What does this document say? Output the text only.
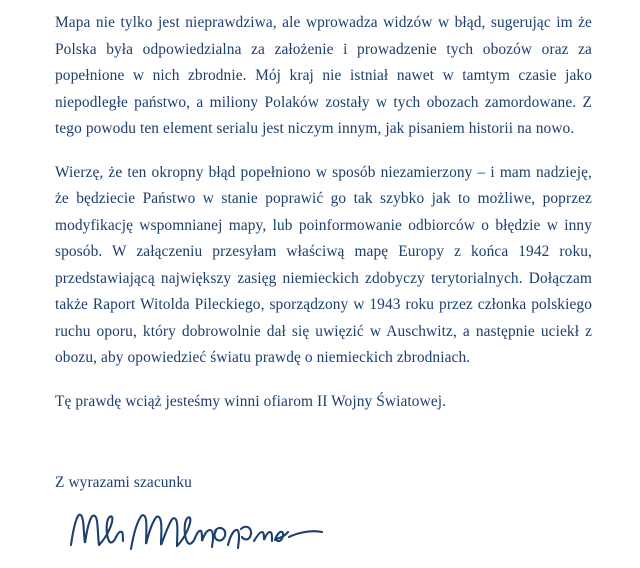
Mapa nie tylko jest nieprawdziwa, ale wprowadza widzów w błąd, sugerując im że Polska była odpowiedzialna za założenie i prowadzenie tych obozów oraz za popełnione w nich zbrodnie. Mój kraj nie istniał nawet w tamtym czasie jako niepodległe państwo, a miliony Polaków zostały w tych obozach zamordowane. Z tego powodu ten element serialu jest niczym innym, jak pisaniem historii na nowo.

Wierzę, że ten okropny błąd popełniono w sposób niezamierzony – i mam nadzieję, że będziecie Państwo w stanie poprawić go tak szybko jak to możliwe, poprzez modyfikację wspomnianej mapy, lub poinformowanie odbiorców o błędzie w inny sposób. W załączeniu przesyłam właściwą mapę Europy z końca 1942 roku, przedstawiającą największy zasięg niemieckich zdobyczy terytorialnych. Dołączam także Raport Witolda Pileckiego, sporządzony w 1943 roku przez członka polskiego ruchu oporu, który dobrowolnie dał się uwięzić w Auschwitz, a następnie uciekł z obozu, aby opowiedzieć światu prawdę o niemieckich zbrodniach.

Tę prawdę wciąż jesteśmy winni ofiarom II Wojny Światowej.

Z wyrazami szacunku
